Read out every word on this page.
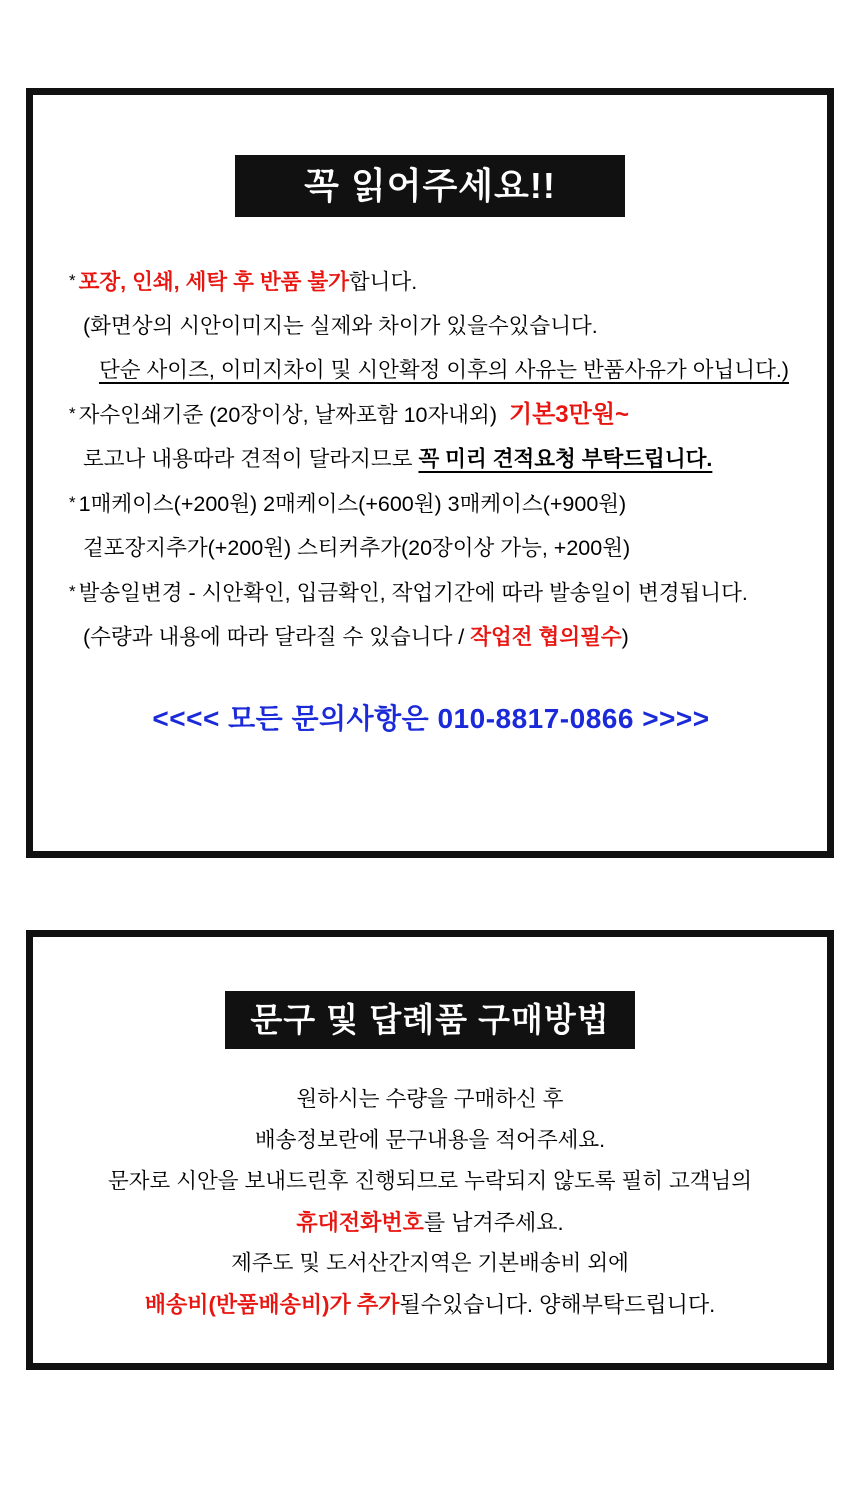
꼭 읽어주세요!!
* 포장, 인쇄, 세탁 후 반품 불가합니다.
(화면상의 시안이미지는 실제와 차이가 있을수있습니다.
단순 사이즈, 이미지차이 및 시안확정 이후의 사유는 반품사유가 아닙니다.)
* 자수인쇄기준 (20장이상, 날짜포함 10자내외) 기본3만원~
로고나 내용따라 견적이 달라지므로 꼭 미리 견적요청 부탁드립니다.
* 1매케이스(+200원) 2매케이스(+600원) 3매케이스(+900원)
겉포장지추가(+200원) 스티커추가(20장이상 가능, +200원)
* 발송일변경 - 시안확인, 입금확인, 작업기간에 따라 발송일이 변경됩니다.
(수량과 내용에 따라 달라질 수 있습니다 / 작업전 협의필수)
<<<< 모든 문의사항은 010-8817-0866 >>>>
문구 및 답례품 구매방법
원하시는 수량을 구매하신 후
배송정보란에 문구내용을 적어주세요.
문자로 시안을 보내드린후 진행되므로 누락되지 않도록 필히 고객님의
휴대전화번호를 남겨주세요.
제주도 및 도서산간지역은 기본배송비 외에
배송비(반품배송비)가 추가될수있습니다. 양해부탁드립니다.
